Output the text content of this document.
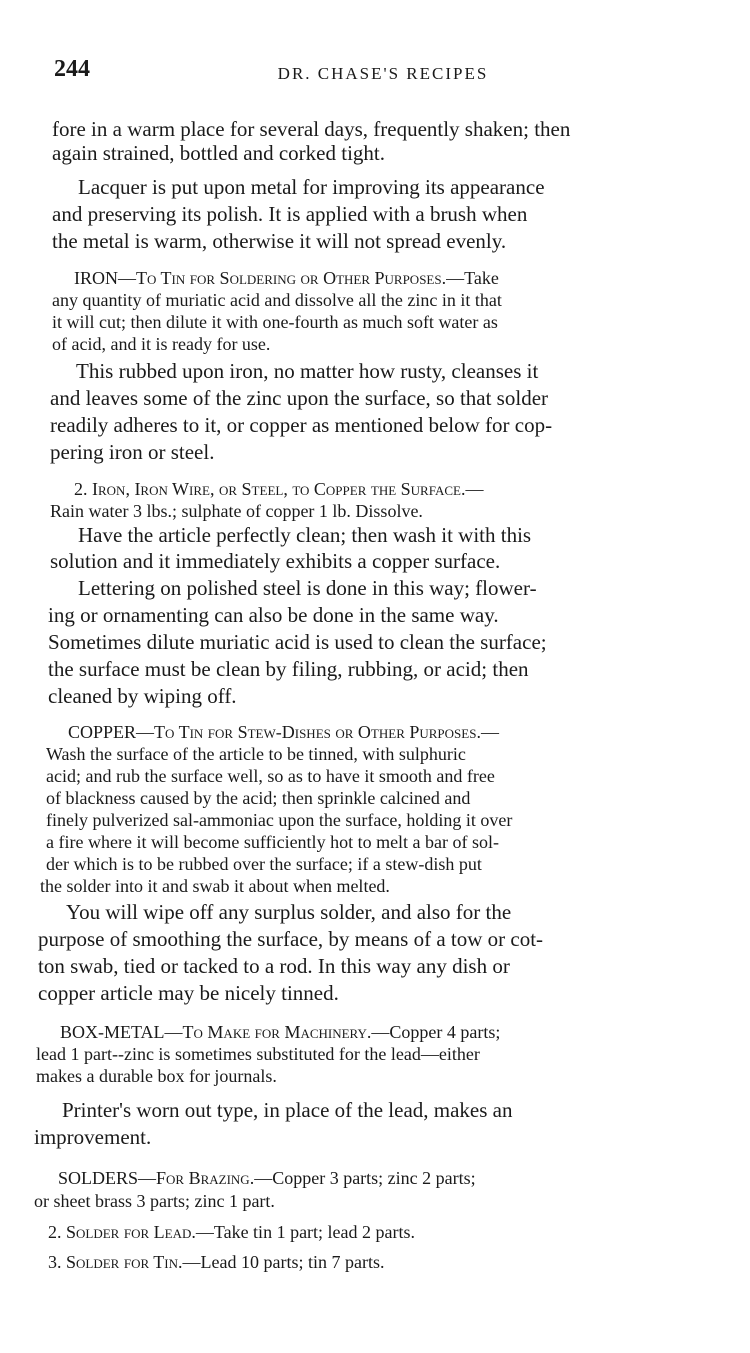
244	DR. CHASE'S RECIPES
fore in a warm place for several days, frequently shaken; then
again strained, bottled and corked tight.
Lacquer is put upon metal for improving its appearance
and preserving its polish. It is applied with a brush when
the metal is warm, otherwise it will not spread evenly.
IRON—To Tin for Soldering or Other Purposes.—Take
any quantity of muriatic acid and dissolve all the zinc in it that
it will cut; then dilute it with one-fourth as much soft water as
of acid, and it is ready for use.
This rubbed upon iron, no matter how rusty, cleanses it
and leaves some of the zinc upon the surface, so that solder
readily adheres to it, or copper as mentioned below for cop-
pering iron or steel.
2. Iron, Iron Wire, or Steel, to Copper the Surface.—
Rain water 3 lbs.; sulphate of copper 1 lb. Dissolve.
Have the article perfectly clean; then wash it with this
solution and it immediately exhibits a copper surface.
Lettering on polished steel is done in this way; flower-
ing or ornamenting can also be done in the same way.
Sometimes dilute muriatic acid is used to clean the surface;
the surface must be clean by filing, rubbing, or acid; then
cleaned by wiping off.
COPPER—To Tin for Stew-Dishes or Other Purposes.—
Wash the surface of the article to be tinned, with sulphuric
acid; and rub the surface well, so as to have it smooth and free
of blackness caused by the acid; then sprinkle calcined and
finely pulverized sal-ammoniac upon the surface, holding it over
a fire where it will become sufficiently hot to melt a bar of sol-
der which is to be rubbed over the surface; if a stew-dish put
the solder into it and swab it about when melted.
You will wipe off any surplus solder, and also for the
purpose of smoothing the surface, by means of a tow or cot-
ton swab, tied or tacked to a rod. In this way any dish or
copper article may be nicely tinned.
BOX-METAL—To Make for Machinery.—Copper 4 parts;
lead 1 part--zinc is sometimes substituted for the lead—either
makes a durable box for journals.
Printer's worn out type, in place of the lead, makes an
improvement.
SOLDERS—For Brazing.—Copper 3 parts; zinc 2 parts;
or sheet brass 3 parts; zinc 1 part.
2. Solder for Lead.—Take tin 1 part; lead 2 parts.
3. Solder for Tin.—Lead 10 parts; tin 7 parts.
